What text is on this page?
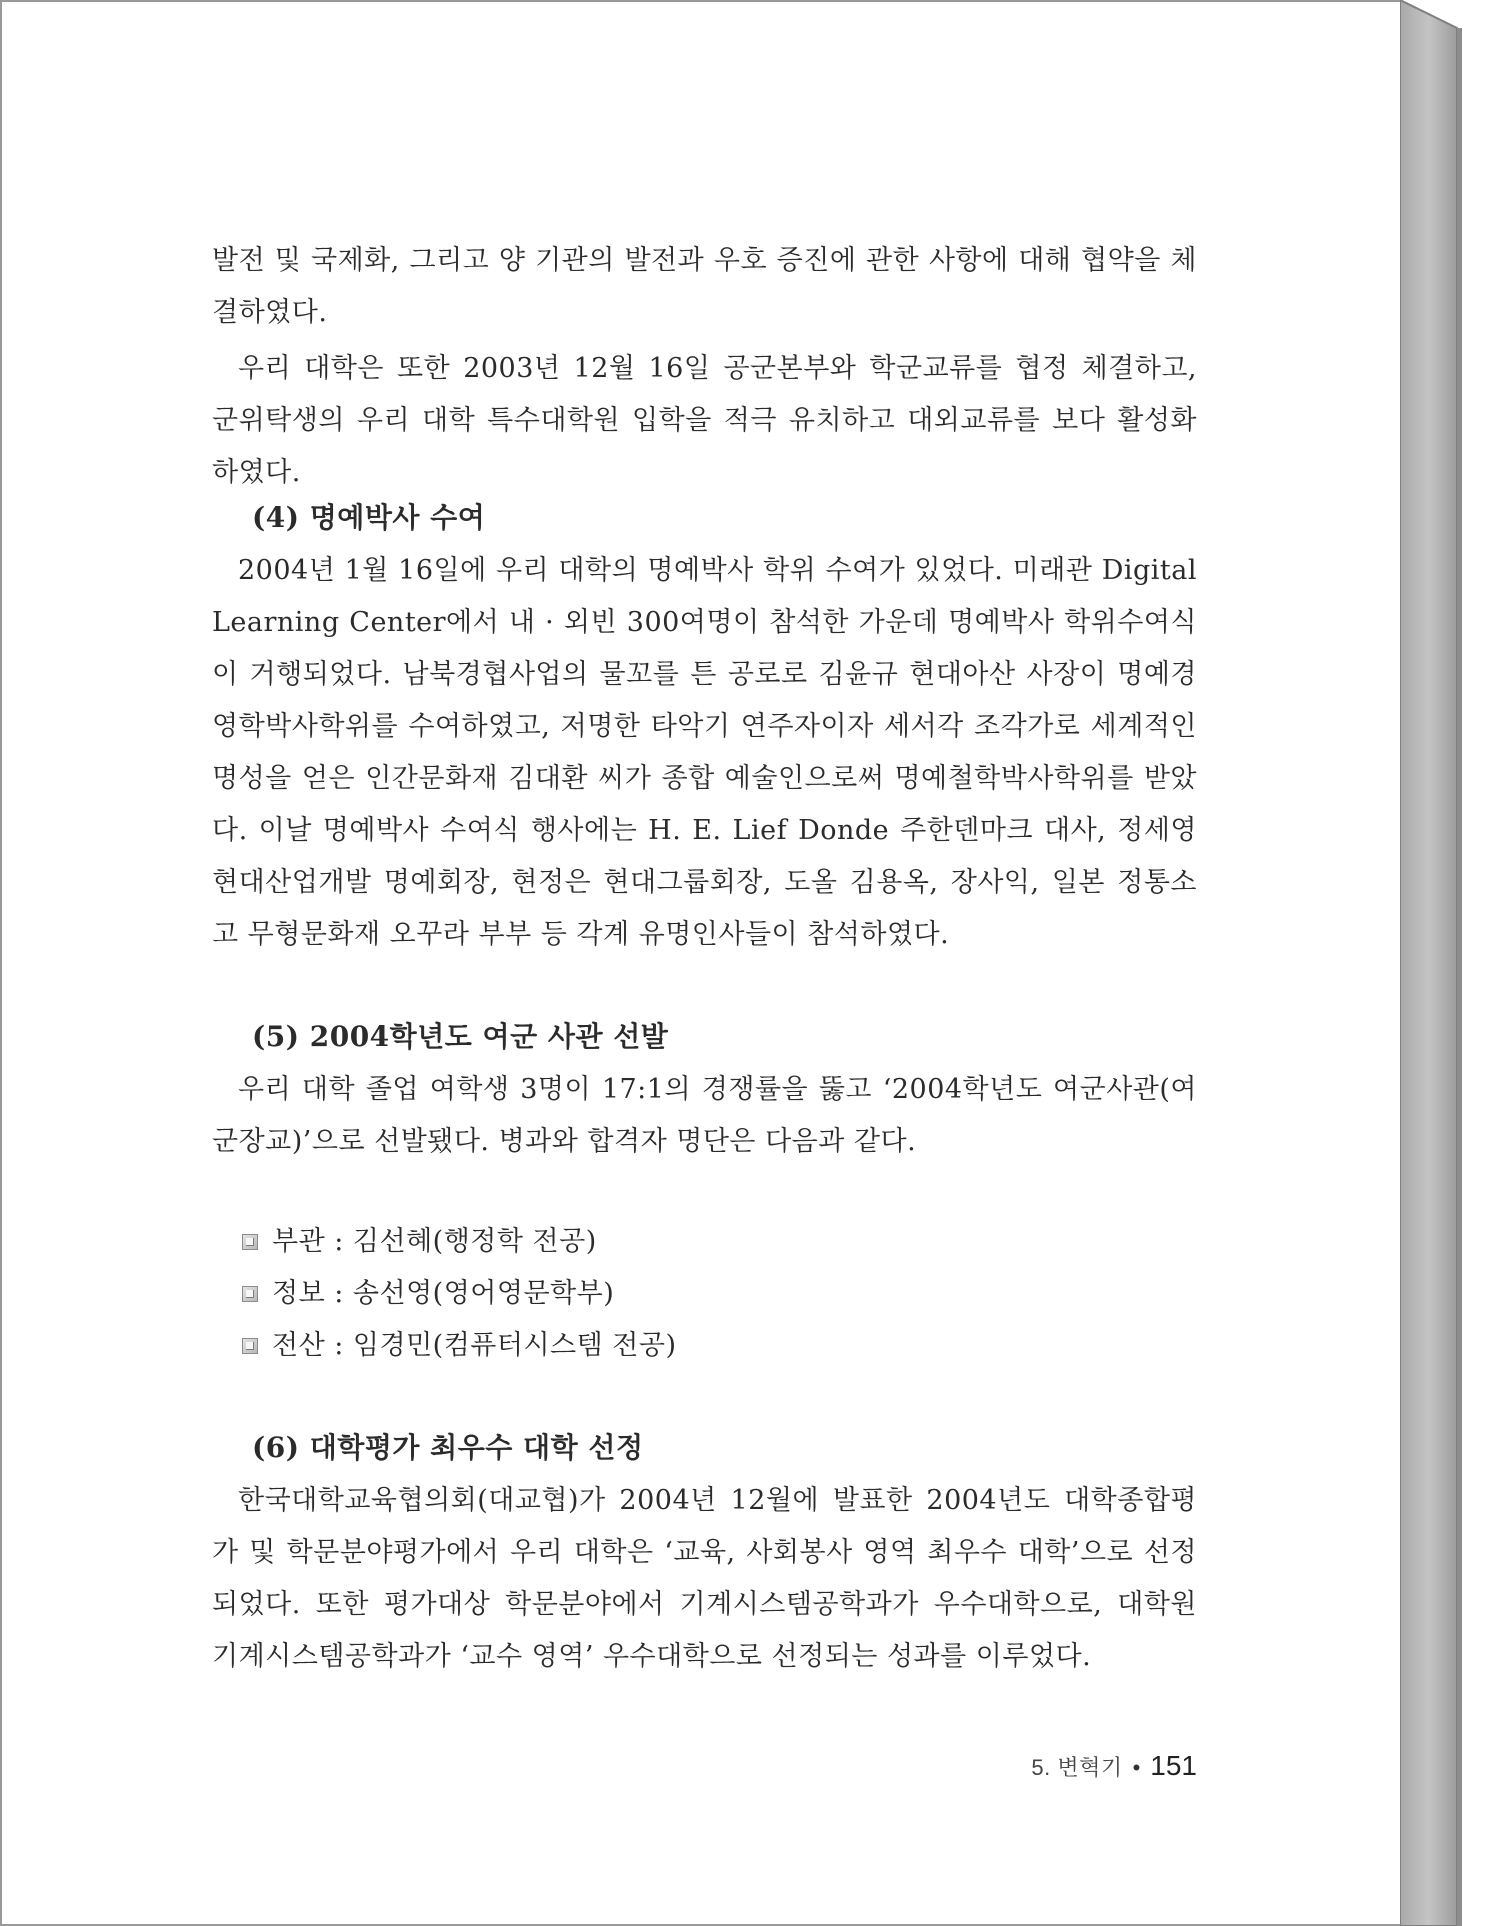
발전 및 국제화, 그리고 양 기관의 발전과 우호 증진에 관한 사항에 대해 협약을 체결하였다.

우리 대학은 또한 2003년 12월 16일 공군본부와 학군교류를 협정 체결하고, 군위탁생의 우리 대학 특수대학원 입학을 적극 유치하고 대외교류를 보다 활성화하였다.

(4) 명예박사 수여

2004년 1월 16일에 우리 대학의 명예박사 학위 수여가 있었다. 미래관 Digital Learning Center에서 내 · 외빈 300여명이 참석한 가운데 명예박사 학위수여식이 거행되었다. 남북경협사업의 물꼬를 튼 공로로 김윤규 현대아산 사장이 명예경영학박사학위를 수여하였고, 저명한 타악기 연주자이자 세서각 조각가로 세계적인 명성을 얻은 인간문화재 김대환 씨가 종합 예술인으로써 명예철학박사학위를 받았다. 이날 명예박사 수여식 행사에는 H. E. Lief Donde 주한덴마크 대사, 정세영 현대산업개발 명예회장, 현정은 현대그룹회장, 도올 김용옥, 장사익, 일본 정통소고 무형문화재 오꾸라 부부 등 각계 유명인사들이 참석하였다.

(5) 2004학년도 여군 사관 선발

우리 대학 졸업 여학생 3명이 17:1의 경쟁률을 뚫고 ‘2004학년도 여군사관(여군장교)’으로 선발됐다. 병과와 합격자 명단은 다음과 같다.

부관 : 김선혜(행정학 전공)
정보 : 송선영(영어영문학부)
전산 : 임경민(컴퓨터시스템 전공)
(6) 대학평가 최우수 대학 선정

한국대학교육협의회(대교협)가 2004년 12월에 발표한 2004년도 대학종합평가 및 학문분야평가에서 우리 대학은 ‘교육, 사회봉사 영역 최우수 대학’으로 선정되었다. 또한 평가대상 학문분야에서 기계시스템공학과가 우수대학으로, 대학원 기계시스템공학과가 ‘교수 영역’ 우수대학으로 선정되는 성과를 이루었다.

5. 변혁기 • 151
